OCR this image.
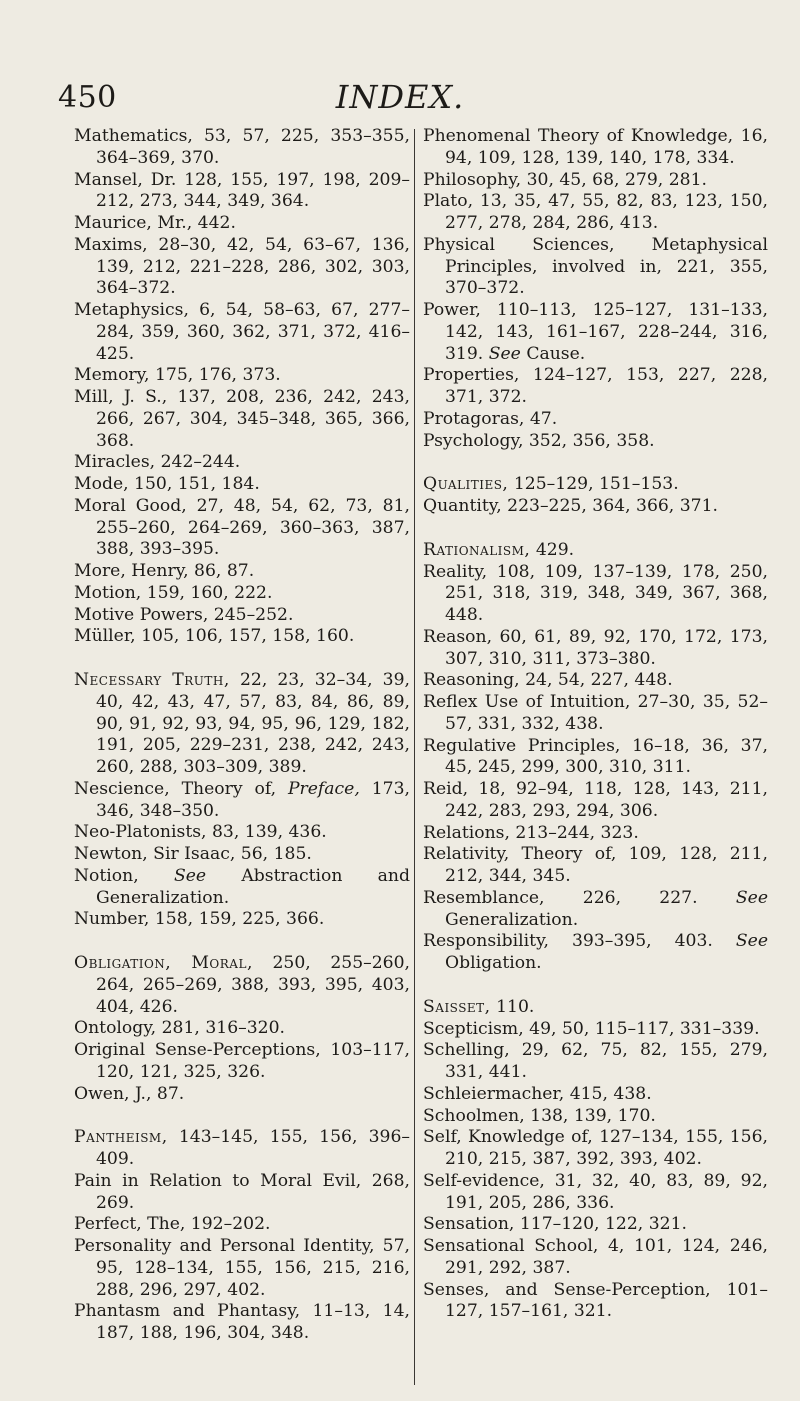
450	INDEX.

Mathematics, 53, 57, 225, 353–355, 364–369, 370.

Mansel, Dr. 128, 155, 197, 198, 209–212, 273, 344, 349, 364.

Maurice, Mr., 442.

Maxims, 28–30, 42, 54, 63–67, 136, 139, 212, 221–228, 286, 302, 303, 364–372.

Metaphysics, 6, 54, 58–63, 67, 277–284, 359, 360, 362, 371, 372, 416–425.

Memory, 175, 176, 373.

Mill, J. S., 137, 208, 236, 242, 243, 266, 267, 304, 345–348, 365, 366, 368.

Miracles, 242–244.

Mode, 150, 151, 184.

Moral Good, 27, 48, 54, 62, 73, 81, 255–260, 264–269, 360–363, 387, 388, 393–395.

More, Henry, 86, 87.

Motion, 159, 160, 222.

Motive Powers, 245–252.

Müller, 105, 106, 157, 158, 160.

Necessary Truth, 22, 23, 32–34, 39, 40, 42, 43, 47, 57, 83, 84, 86, 89, 90, 91, 92, 93, 94, 95, 96, 129, 182, 191, 205, 229–231, 238, 242, 243, 260, 288, 303–309, 389.

Nescience, Theory of, Preface, 173, 346, 348–350.

Neo-Platonists, 83, 139, 436.

Newton, Sir Isaac, 56, 185.

Notion, See Abstraction and Generalization.

Number, 158, 159, 225, 366.

Obligation, Moral, 250, 255–260, 264, 265–269, 388, 393, 395, 403, 404, 426.

Ontology, 281, 316–320.

Original Sense-Perceptions, 103–117, 120, 121, 325, 326.

Owen, J., 87.

Pantheism, 143–145, 155, 156, 396–409.

Pain in Relation to Moral Evil, 268, 269.

Perfect, The, 192–202.

Personality and Personal Identity, 57, 95, 128–134, 155, 156, 215, 216, 288, 296, 297, 402.

Phantasm and Phantasy, 11–13, 14, 187, 188, 196, 304, 348.

Phenomenal Theory of Knowledge, 16, 94, 109, 128, 139, 140, 178, 334.

Philosophy, 30, 45, 68, 279, 281.

Plato, 13, 35, 47, 55, 82, 83, 123, 150, 277, 278, 284, 286, 413.

Physical Sciences, Metaphysical Principles, involved in, 221, 355, 370–372.

Power, 110–113, 125–127, 131–133, 142, 143, 161–167, 228–244, 316, 319. See Cause.

Properties, 124–127, 153, 227, 228, 371, 372.

Protagoras, 47.

Psychology, 352, 356, 358.

Qualities, 125–129, 151–153.

Quantity, 223–225, 364, 366, 371.

Rationalism, 429.

Reality, 108, 109, 137–139, 178, 250, 251, 318, 319, 348, 349, 367, 368, 448.

Reason, 60, 61, 89, 92, 170, 172, 173, 307, 310, 311, 373–380.

Reasoning, 24, 54, 227, 448.

Reflex Use of Intuition, 27–30, 35, 52–57, 331, 332, 438.

Regulative Principles, 16–18, 36, 37, 45, 245, 299, 300, 310, 311.

Reid, 18, 92–94, 118, 128, 143, 211, 242, 283, 293, 294, 306.

Relations, 213–244, 323.

Relativity, Theory of, 109, 128, 211, 212, 344, 345.

Resemblance, 226, 227. See Generalization.

Responsibility, 393–395, 403. See Obligation.

Saisset, 110.

Scepticism, 49, 50, 115–117, 331–339.

Schelling, 29, 62, 75, 82, 155, 279, 331, 441.

Schleiermacher, 415, 438.

Schoolmen, 138, 139, 170.

Self, Knowledge of, 127–134, 155, 156, 210, 215, 387, 392, 393, 402.

Self-evidence, 31, 32, 40, 83, 89, 92, 191, 205, 286, 336.

Sensation, 117–120, 122, 321.

Sensational School, 4, 101, 124, 246, 291, 292, 387.

Senses, and Sense-Perception, 101–127, 157–161, 321.
